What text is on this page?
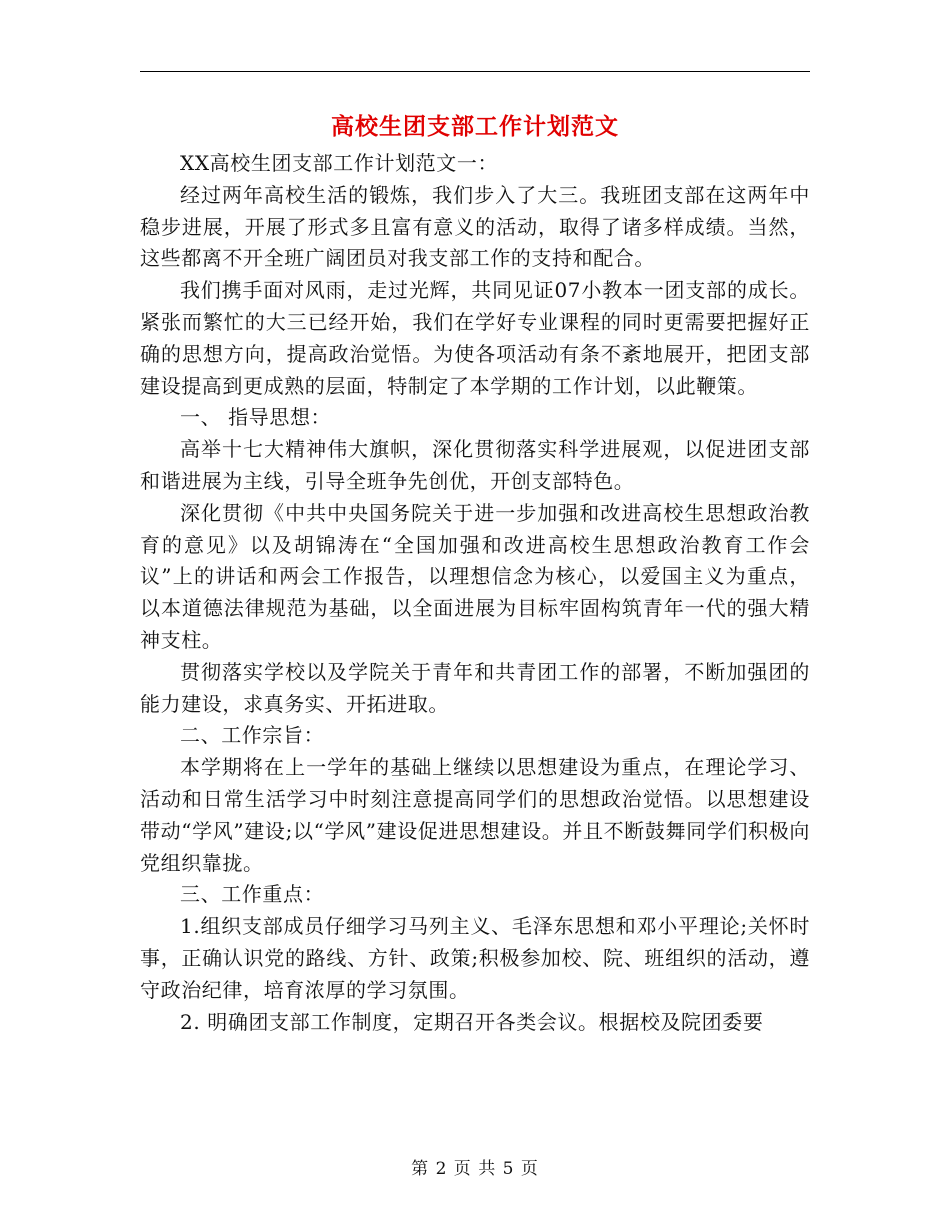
高校生团支部工作计划范文

XX高校生团支部工作计划范文一：

经过两年高校生活的锻炼，我们步入了大三。我班团支部在这两年中稳步进展，开展了形式多且富有意义的活动，取得了诸多样成绩。当然，这些都离不开全班广阔团员对我支部工作的支持和配合。

我们携手面对风雨，走过光辉，共同见证07小教本一团支部的成长。紧张而繁忙的大三已经开始，我们在学好专业课程的同时更需要把握好正确的思想方向，提高政治觉悟。为使各项活动有条不紊地展开，把团支部建设提高到更成熟的层面，特制定了本学期的工作计划，以此鞭策。

一、 指导思想：

高举十七大精神伟大旗帜，深化贯彻落实科学进展观，以促进团支部和谐进展为主线，引导全班争先创优，开创支部特色。

深化贯彻《中共中央国务院关于进一步加强和改进高校生思想政治教育的意见》以及胡锦涛在“全国加强和改进高校生思想政治教育工作会议”上的讲话和两会工作报告，以理想信念为核心，以爱国主义为重点，以本道德法律规范为基础，以全面进展为目标牢固构筑青年一代的强大精神支柱。

贯彻落实学校以及学院关于青年和共青团工作的部署，不断加强团的能力建设，求真务实、开拓进取。

二、工作宗旨：

本学期将在上一学年的基础上继续以思想建设为重点，在理论学习、活动和日常生活学习中时刻注意提高同学们的思想政治觉悟。以思想建设带动“学风”建设;以“学风”建设促进思想建设。并且不断鼓舞同学们积极向党组织靠拢。

三、工作重点：

1.组织支部成员仔细学习马列主义、毛泽东思想和邓小平理论;关怀时事，正确认识党的路线、方针、政策;积极参加校、院、班组织的活动，遵守政治纪律，培育浓厚的学习氛围。

2. 明确团支部工作制度，定期召开各类会议。根据校及院团委要

第 2 页 共 5 页
